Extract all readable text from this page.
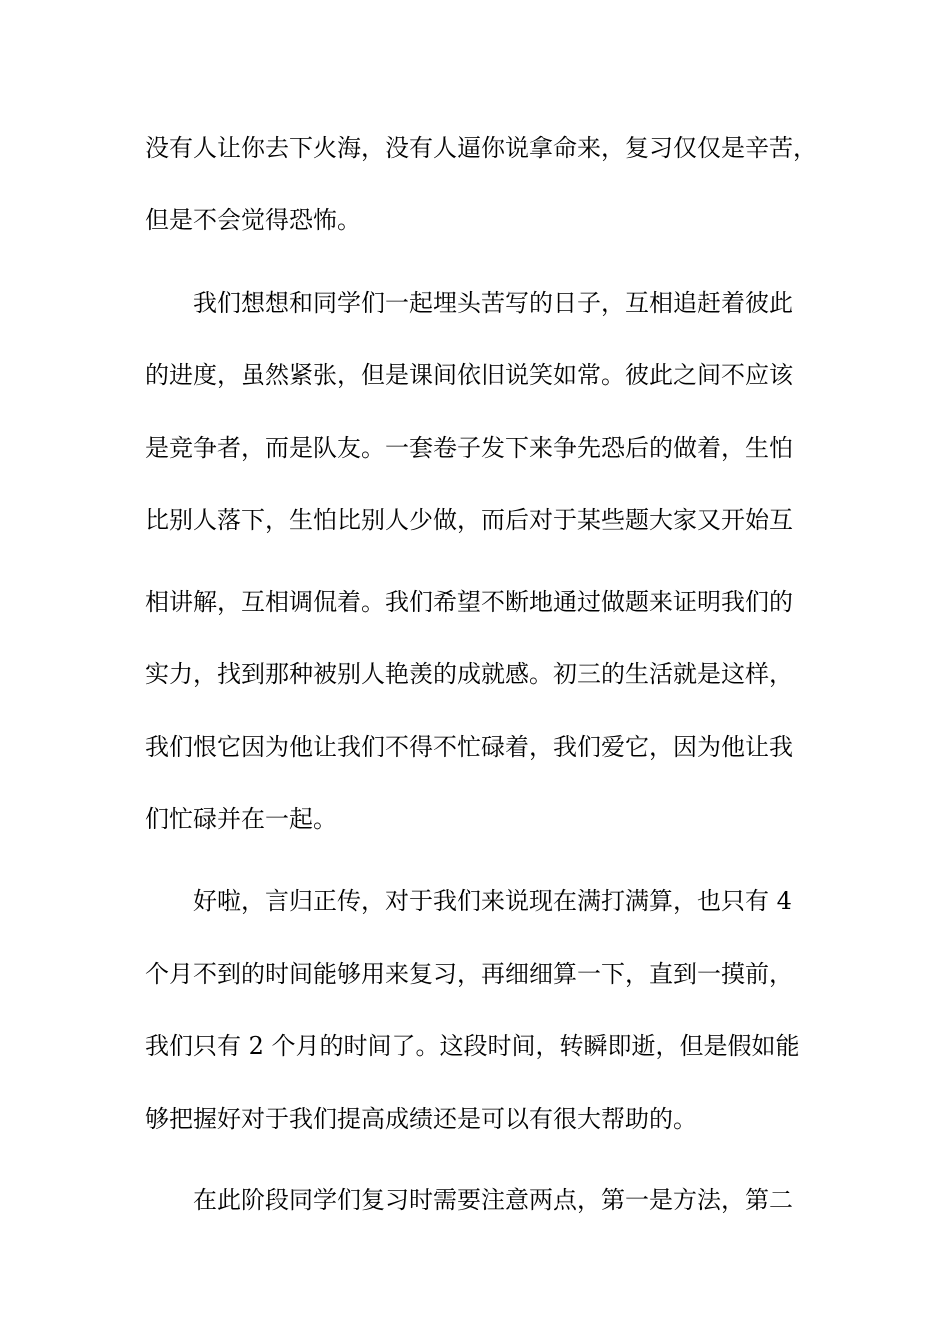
没有人让你去下火海，没有人逼你说拿命来，复习仅仅是辛苦，
但是不会觉得恐怖。
我们想想和同学们一起埋头苦写的日子，互相追赶着彼此
的进度，虽然紧张，但是课间依旧说笑如常。彼此之间不应该
是竞争者，而是队友。一套卷子发下来争先恐后的做着，生怕
比别人落下，生怕比别人少做，而后对于某些题大家又开始互
相讲解，互相调侃着。我们希望不断地通过做题来证明我们的
实力，找到那种被别人艳羡的成就感。初三的生活就是这样，
我们恨它因为他让我们不得不忙碌着，我们爱它，因为他让我
们忙碌并在一起。
好啦，言归正传，对于我们来说现在满打满算，也只有 4
个月不到的时间能够用来复习，再细细算一下，直到一摸前，
我们只有 2 个月的时间了。这段时间，转瞬即逝，但是假如能
够把握好对于我们提高成绩还是可以有很大帮助的。
在此阶段同学们复习时需要注意两点，第一是方法，第二
